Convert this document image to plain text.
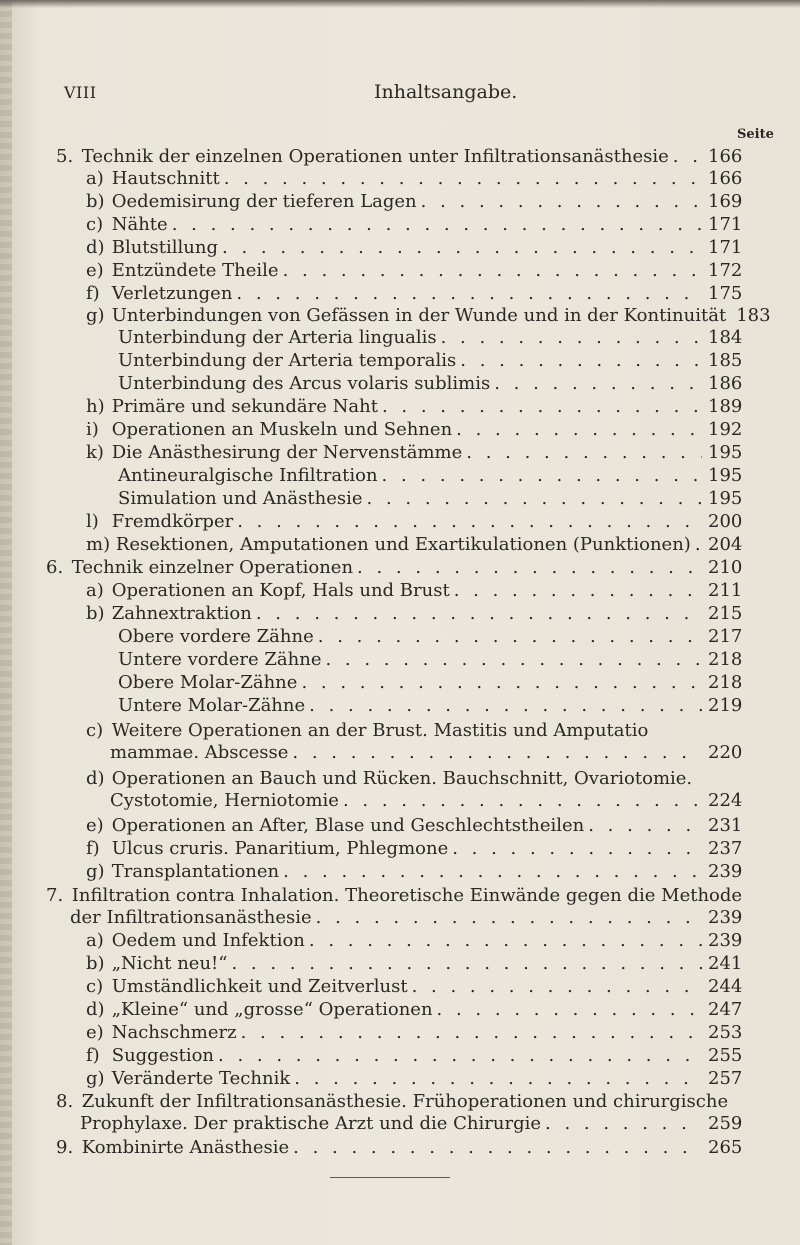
VIII	Inhaltsangabe.
Seite
5. Technik der einzelnen Operationen unter Infiltrationsanästhesie . . . 166
a) Hautschnitt . . .	166
b) Oedemisirung der tieferen Lagen . . .	169
c) Nähte . . .	171
d) Blutstillung . . .	171
e) Entzündete Theile . . .	172
f) Verletzungen . . .	175
g) Unterbindungen von Gefässen in der Wunde und in der Kontinuität 183
Unterbindung der Arteria lingualis . . .	184
Unterbindung der Arteria temporalis . . .	185
Unterbindung des Arcus volaris sublimis . . .	186
h) Primäre und sekundäre Naht . . .	189
i) Operationen an Muskeln und Sehnen . . .	192
k) Die Anästhesirung der Nervenstämme . . .	195
Antineuralgische Infiltration . . .	195
Simulation und Anästhesie . . .	195
l) Fremdkörper . . .	200
m) Resektionen, Amputationen und Exartikulationen (Punktionen) . . . 204
6. Technik einzelner Operationen . . .	210
a) Operationen an Kopf, Hals und Brust . . .	211
b) Zahnextraktion . . .	215
Obere vordere Zähne . . .	217
Untere vordere Zähne . . .	218
Obere Molar-Zähne . . .	218
Untere Molar-Zähne . . .	219
c) Weitere Operationen an der Brust. Mastitis und Amputatio
mammae. Abscesse . . .	220
d) Operationen an Bauch und Rücken. Bauchschnitt, Ovariotomie.
Cystotomie, Herniotomie . . .	224
e) Operationen an After, Blase und Geschlechtstheilen . . .	231
f) Ulcus cruris. Panaritium, Phlegmone . . .	237
g) Transplantationen . . .	239
7. Infiltration contra Inhalation. Theoretische Einwände gegen die Methode
der Infiltrationsanästhesie . . .	239
a) Oedem und Infektion . . .	239
b) „Nicht neu!“ . . .	241
c) Umständlichkeit und Zeitverlust . . .	244
d) „Kleine“ und „grosse“ Operationen . . .	247
e) Nachschmerz . . .	253
f) Suggestion . . .	255
g) Veränderte Technik . . .	257
8. Zukunft der Infiltrationsanästhesie. Frühoperationen und chirurgische
Prophylaxe. Der praktische Arzt und die Chirurgie . . .	259
9. Kombinirte Anästhesie . . .	265
